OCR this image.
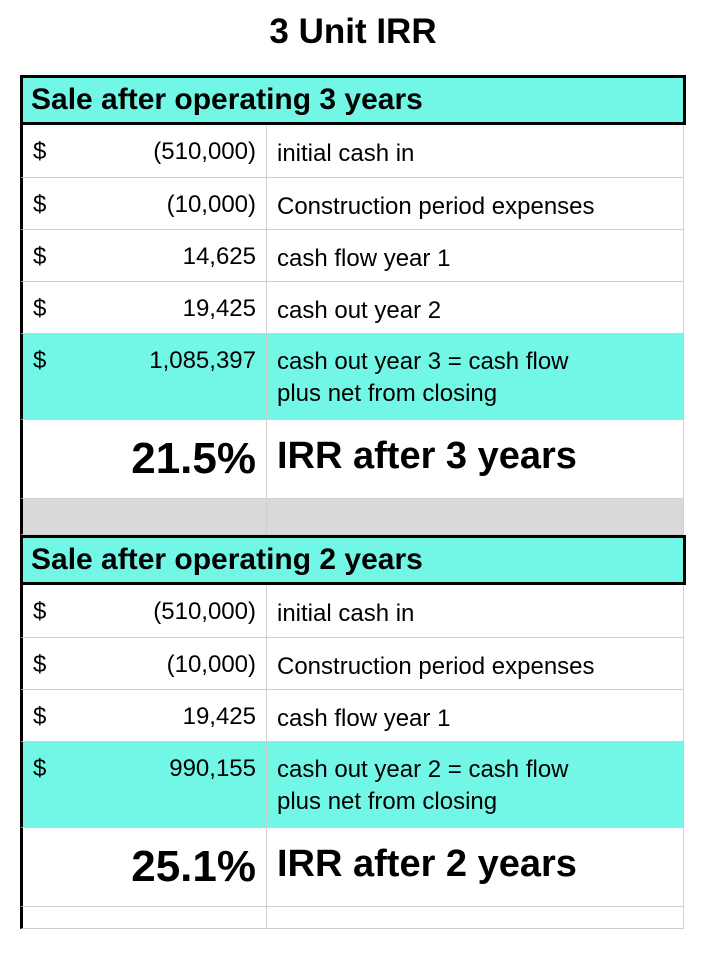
3 Unit IRR
Sale after operating 3 years
$	(510,000) initial cash in
$	(10,000) Construction period expenses
$	14,625 cash flow year 1
$	19,425 cash out year 2
$	1,085,397 cash out year 3 = cash flow
plus net from closing
21.5% IRR after 3 years
Sale after operating 2 years
$	(510,000) initial cash in
$	(10,000) Construction period expenses
$	19,425 cash flow year 1
$	990,155 cash out year 2 = cash flow
plus net from closing
25.1% IRR after 2 years
